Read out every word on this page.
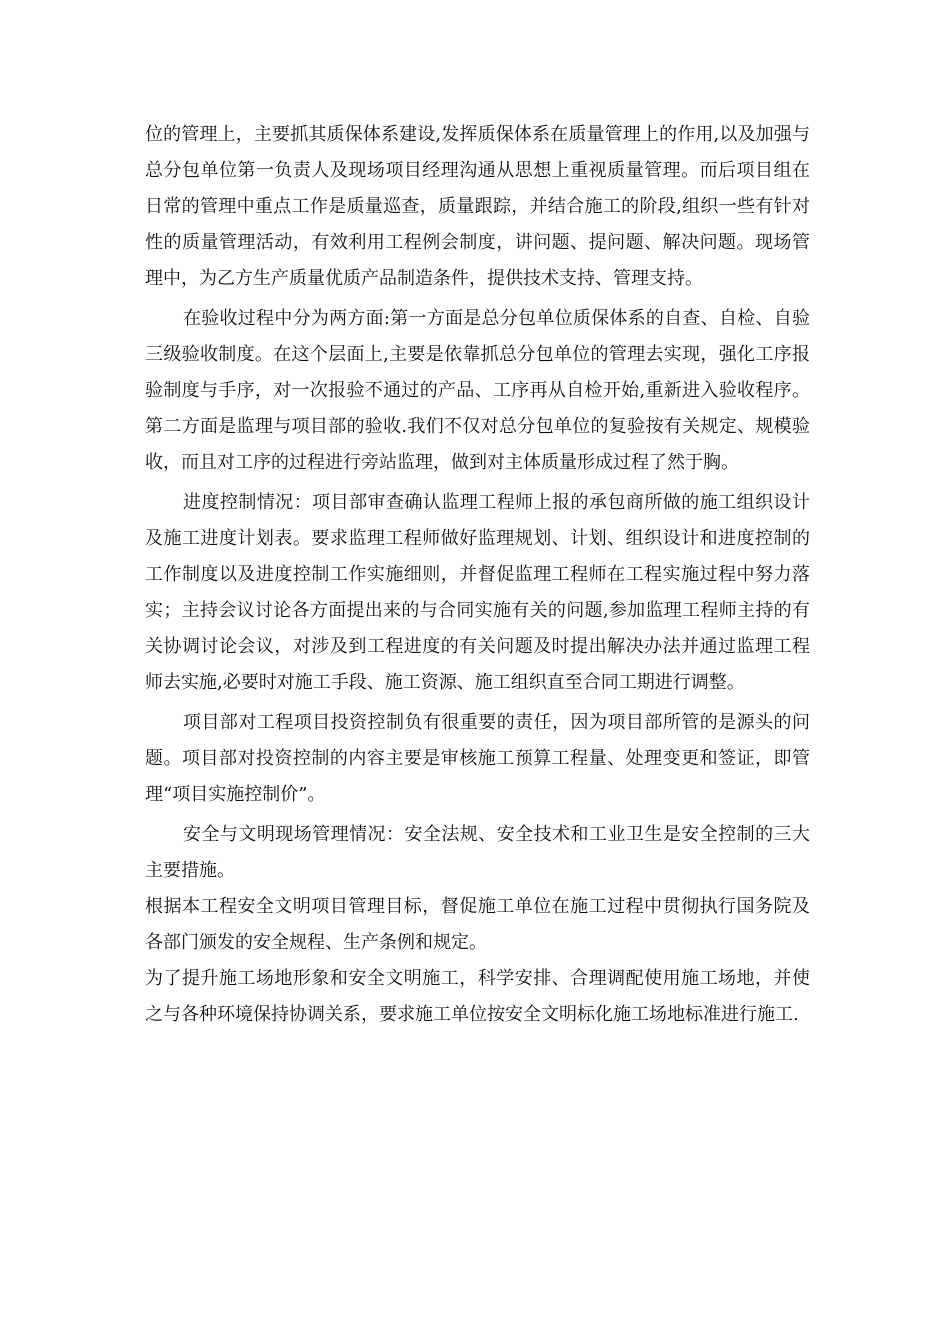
位的管理上，主要抓其质保体系建设,发挥质保体系在质量管理上的作用,以及加强与总分包单位第一负责人及现场项目经理沟通从思想上重视质量管理。而后项目组在日常的管理中重点工作是质量巡查，质量跟踪，并结合施工的阶段,组织一些有针对性的质量管理活动，有效利用工程例会制度，讲问题、提问题、解决问题。现场管理中，为乙方生产质量优质产品制造条件，提供技术支持、管理支持。

在验收过程中分为两方面:第一方面是总分包单位质保体系的自查、自检、自验三级验收制度。在这个层面上,主要是依靠抓总分包单位的管理去实现，强化工序报验制度与手序，对一次报验不通过的产品、工序再从自检开始,重新进入验收程序。第二方面是监理与项目部的验收.我们不仅对总分包单位的复验按有关规定、规模验收，而且对工序的过程进行旁站监理，做到对主体质量形成过程了然于胸。

进度控制情况：项目部审查确认监理工程师上报的承包商所做的施工组织设计及施工进度计划表。要求监理工程师做好监理规划、计划、组织设计和进度控制的工作制度以及进度控制工作实施细则，并督促监理工程师在工程实施过程中努力落实；主持会议讨论各方面提出来的与合同实施有关的问题,参加监理工程师主持的有关协调讨论会议，对涉及到工程进度的有关问题及时提出解决办法并通过监理工程师去实施,必要时对施工手段、施工资源、施工组织直至合同工期进行调整。

项目部对工程项目投资控制负有很重要的责任，因为项目部所管的是源头的问题。项目部对投资控制的内容主要是审核施工预算工程量、处理变更和签证，即管理“项目实施控制价”。

安全与文明现场管理情况：安全法规、安全技术和工业卫生是安全控制的三大主要措施。

根据本工程安全文明项目管理目标，督促施工单位在施工过程中贯彻执行国务院及各部门颁发的安全规程、生产条例和规定。

为了提升施工场地形象和安全文明施工，科学安排、合理调配使用施工场地，并使之与各种环境保持协调关系，要求施工单位按安全文明标化施工场地标准进行施工.
